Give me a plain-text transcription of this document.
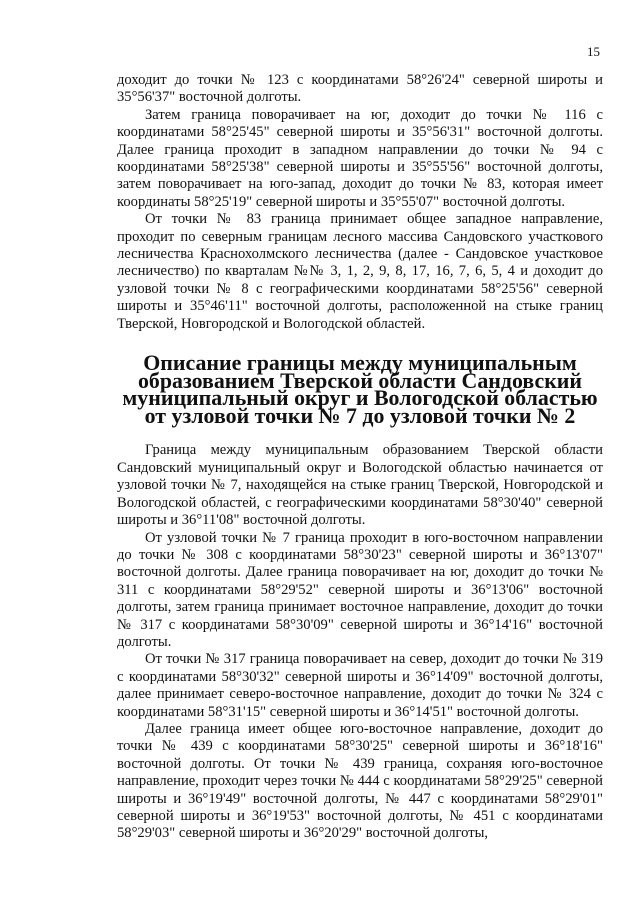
15

доходит до точки № 123 с координатами 58°26'24" северной широты и 35°56'37" восточной долготы.

Затем граница поворачивает на юг, доходит до точки № 116 с координатами 58°25'45" северной широты и 35°56'31" восточной долготы. Далее граница проходит в западном направлении до точки № 94 с координатами 58°25'38" северной широты и 35°55'56" восточной долготы, затем поворачивает на юго-запад, доходит до точки № 83, которая имеет координаты 58°25'19" северной широты и 35°55'07" восточной долготы.

От точки № 83 граница принимает общее западное направление, проходит по северным границам лесного массива Сандовского участкового лесничества Краснохолмского лесничества (далее - Сандовское участковое лесничество) по кварталам №№ 3, 1, 2, 9, 8, 17, 16, 7, 6, 5, 4 и доходит до узловой точки № 8 с географическими координатами 58°25'56" северной широты и 35°46'11" восточной долготы, расположенной на стыке границ Тверской, Новгородской и Вологодской областей.

Описание границы между муниципальным образованием Тверской области Сандовский муниципальный округ и Вологодской областью от узловой точки № 7 до узловой точки № 2

Граница между муниципальным образованием Тверской области Сандовский муниципальный округ и Вологодской областью начинается от узловой точки № 7, находящейся на стыке границ Тверской, Новгородской и Вологодской областей, с географическими координатами 58°30'40" северной широты и 36°11'08" восточной долготы.

От узловой точки № 7 граница проходит в юго-восточном направлении до точки № 308 с координатами 58°30'23" северной широты и 36°13'07" восточной долготы. Далее граница поворачивает на юг, доходит до точки № 311 с координатами 58°29'52" северной широты и 36°13'06" восточной долготы, затем граница принимает восточное направление, доходит до точки № 317 с координатами 58°30'09" северной широты и 36°14'16" восточной долготы.

От точки № 317 граница поворачивает на север, доходит до точки № 319 с координатами 58°30'32" северной широты и 36°14'09" восточной долготы, далее принимает северо-восточное направление, доходит до точки № 324 с координатами 58°31'15" северной широты и 36°14'51" восточной долготы.

Далее граница имеет общее юго-восточное направление, доходит до точки № 439 с координатами 58°30'25" северной широты и 36°18'16" восточной долготы. От точки № 439 граница, сохраняя юго-восточное направление, проходит через точки № 444 с координатами 58°29'25" северной широты и 36°19'49" восточной долготы, № 447 с координатами 58°29'01" северной широты и 36°19'53" восточной долготы, № 451 с координатами 58°29'03" северной широты и 36°20'29" восточной долготы,
